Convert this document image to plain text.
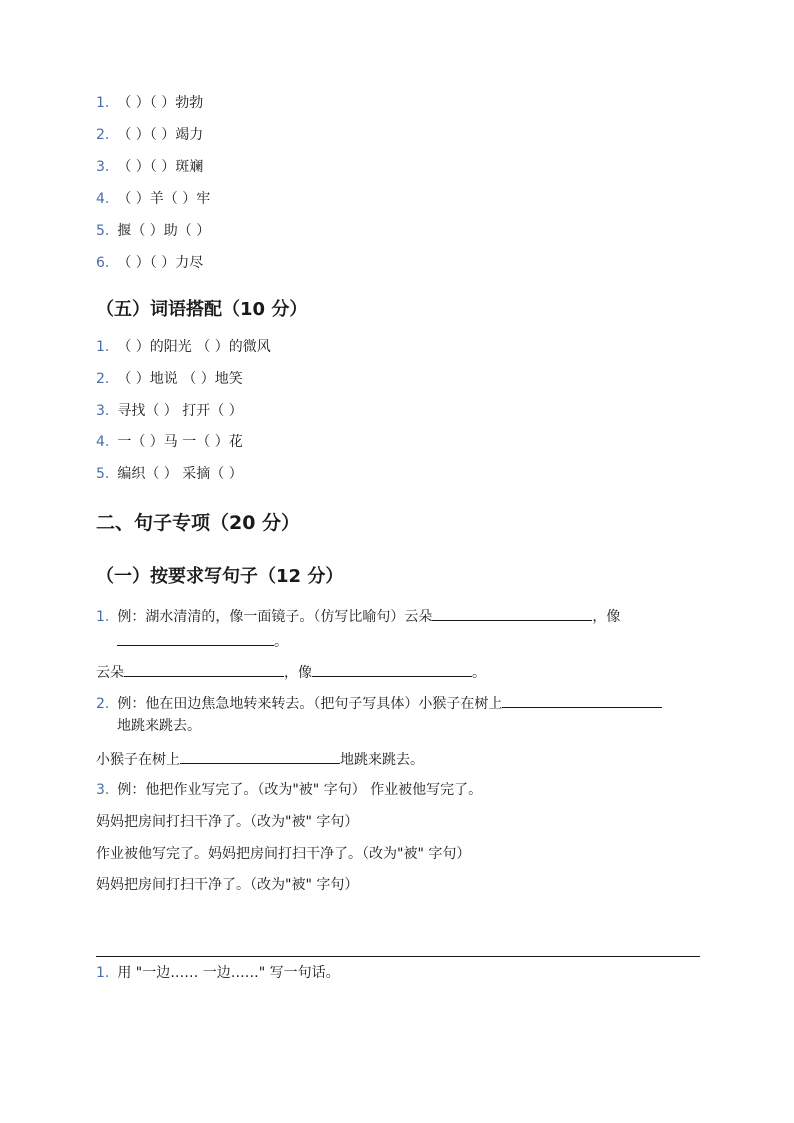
1. （ ）（ ）勃勃
2. （ ）（ ）竭力
3. （ ）（ ）斑斓
4. （ ）羊（ ）牢
5. 揠（ ）助（ ）
6. （ ）（ ）力尽
（五）词语搭配（10 分）
1. （ ）的阳光 （ ）的微风
2. （ ）地说 （ ）地笑
3. 寻找（ ） 打开（ ）
4. 一（ ）马 一（ ）花
5. 编织（ ） 采摘（ ）
二、句子专项（20 分）
（一）按要求写句子（12 分）
1. 例：湖水清清的，像一面镜子。（仿写比喻句）云朵	，像
。
云朵	，像	。
2. 例：他在田边焦急地转来转去。（把句子写具体）小猴子在树上
地跳来跳去。
小猴子在树上	地跳来跳去。
3. 例：他把作业写完了。（改为"被" 字句） 作业被他写完了。
妈妈把房间打扫干净了。（改为"被" 字句）
作业被他写完了。妈妈把房间打扫干净了。（改为"被" 字句）
妈妈把房间打扫干净了。（改为"被" 字句）
1. 用 "一边…… 一边……" 写一句话。
